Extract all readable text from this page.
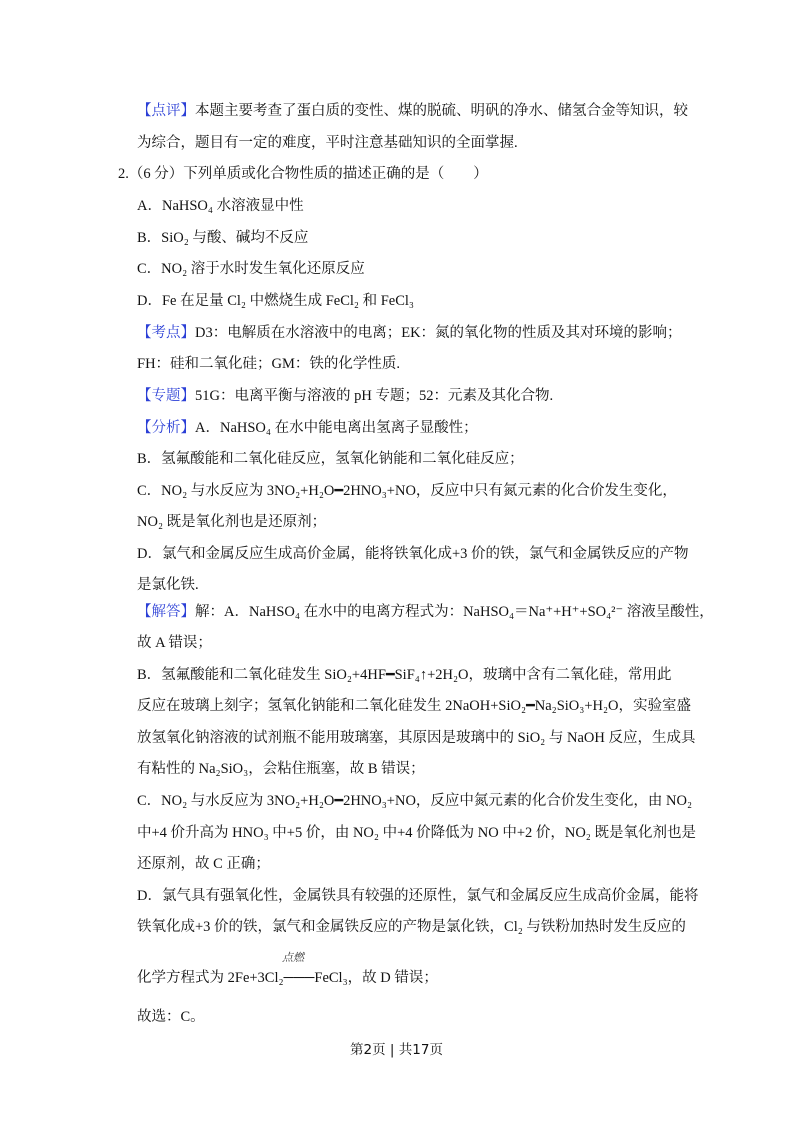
【点评】本题主要考查了蛋白质的变性、煤的脱硫、明矾的净水、储氢合金等知识，较
为综合，题目有一定的难度，平时注意基础知识的全面掌握.
2.（6 分）下列单质或化合物性质的描述正确的是（　　）
A．NaHSO₄ 水溶液显中性
B．SiO₂ 与酸、碱均不反应
C．NO₂ 溶于水时发生氧化还原反应
D．Fe 在足量 Cl₂ 中燃烧生成 FeCl₂ 和 FeCl₃
【考点】D3：电解质在水溶液中的电离；EK：氮的氧化物的性质及其对环境的影响；
FH：硅和二氧化硅；GM：铁的化学性质.
【专题】51G：电离平衡与溶液的 pH 专题；52：元素及其化合物.
【分析】A．NaHSO₄ 在水中能电离出氢离子显酸性；
B．氢氟酸能和二氧化硅反应，氢氧化钠能和二氧化硅反应；
C．NO₂ 与水反应为 3NO₂+H₂O━2HNO₃+NO，反应中只有氮元素的化合价发生变化，
NO₂ 既是氧化剂也是还原剂；
D．氯气和金属反应生成高价金属，能将铁氧化成+3 价的铁，氯气和金属铁反应的产物
是氯化铁.
【解答】解：A．NaHSO₄ 在水中的电离方程式为：NaHSO₄＝Na⁺+H⁺+SO₄²⁻ 溶液呈酸性，
故 A 错误；
B．氢氟酸能和二氧化硅发生 SiO₂+4HF━SiF₄↑+2H₂O，玻璃中含有二氧化硅，常用此
反应在玻璃上刻字；氢氧化钠能和二氧化硅发生 2NaOH+SiO₂━Na₂SiO₃+H₂O，实验室盛
放氢氧化钠溶液的试剂瓶不能用玻璃塞，其原因是玻璃中的 SiO₂ 与 NaOH 反应，生成具
有粘性的 Na₂SiO₃，会粘住瓶塞，故 B 错误；
C．NO₂ 与水反应为 3NO₂+H₂O━2HNO₃+NO，反应中氮元素的化合价发生变化，由 NO₂
中+4 价升高为 HNO₃ 中+5 价，由 NO₂ 中+4 价降低为 NO 中+2 价，NO₂ 既是氧化剂也是
还原剂，故 C 正确；
D．氯气具有强氧化性，金属铁具有较强的还原性，氯气和金属反应生成高价金属，能将
铁氧化成+3 价的铁，氯气和金属铁反应的产物是氯化铁，Cl₂ 与铁粉加热时发生反应的
点燃
化学方程式为 2Fe+3Cl₂───FeCl₃，故 D 错误；
故选：C。
第2页 | 共17页
